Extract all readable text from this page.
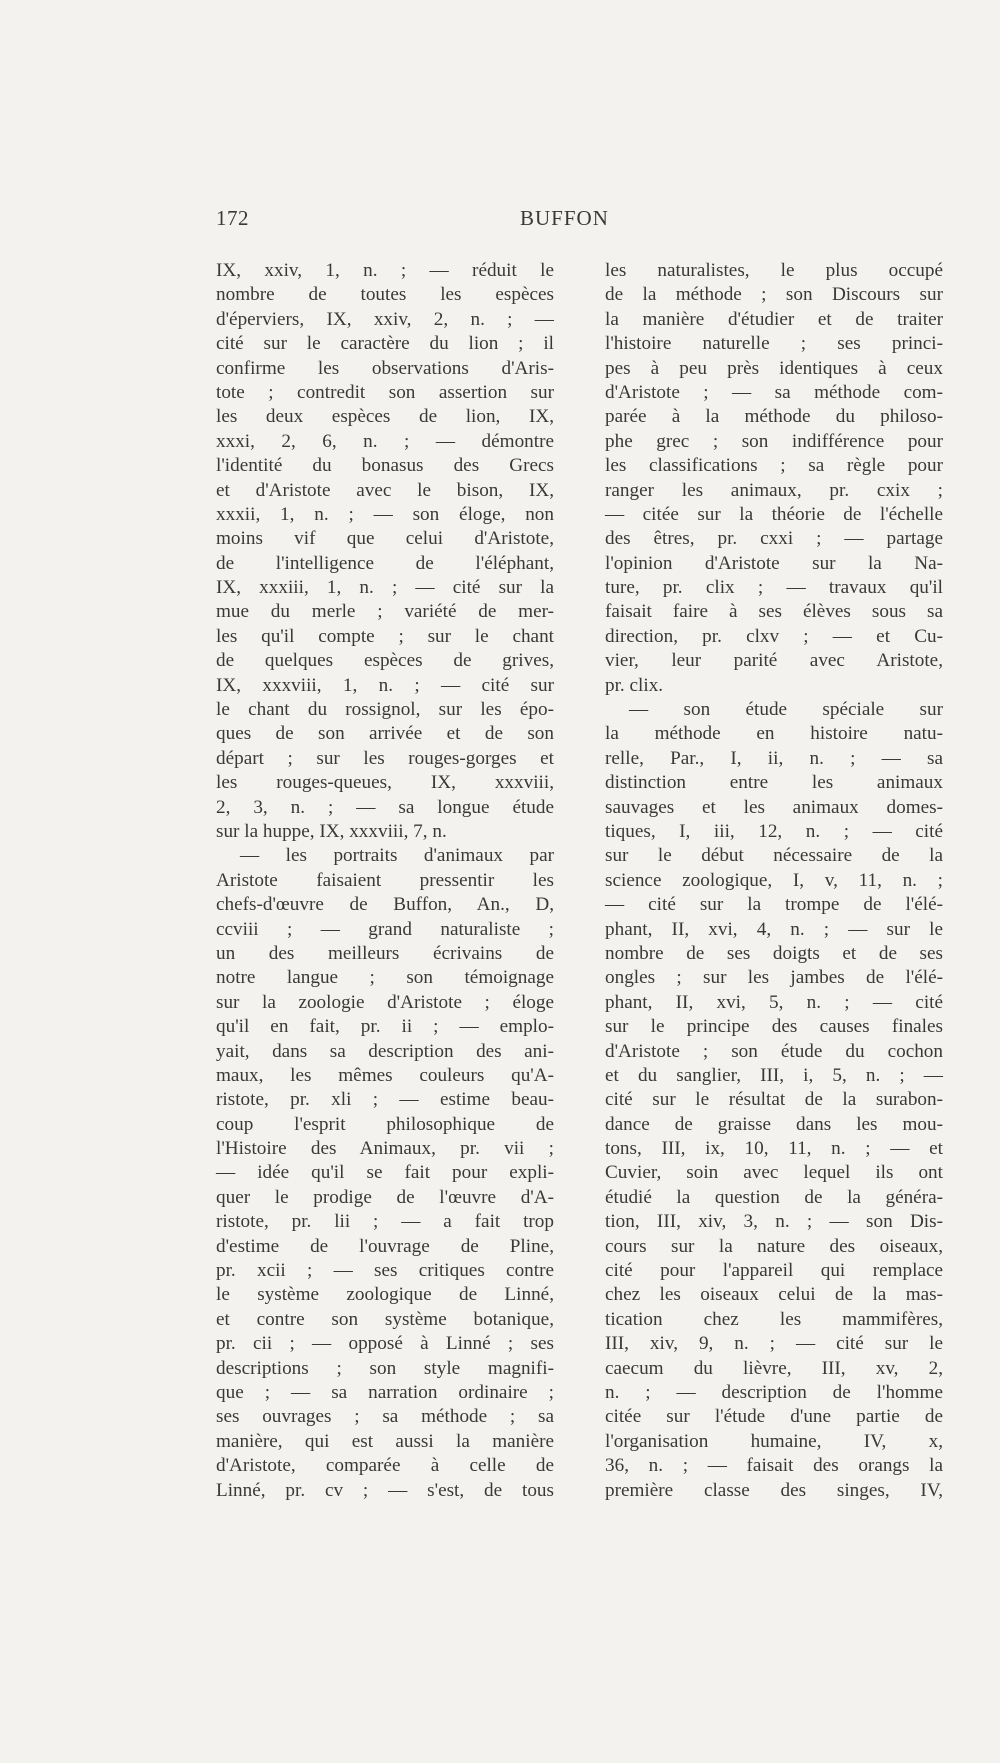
172	BUFFON
IX, xxiv, 1, n. ; — réduit le
nombre de toutes les espèces
d'éperviers, IX, xxiv, 2, n. ; —
cité sur le caractère du lion ; il
confirme les observations d'Aris-
tote ; contredit son assertion sur
les deux espèces de lion, IX,
xxxi, 2, 6, n. ; — démontre
l'identité du bonasus des Grecs
et d'Aristote avec le bison, IX,
xxxii, 1, n. ; — son éloge, non
moins vif que celui d'Aristote,
de l'intelligence de l'éléphant,
IX, xxxiii, 1, n. ; — cité sur la
mue du merle ; variété de mer-
les qu'il compte ; sur le chant
de quelques espèces de grives,
IX, xxxviii, 1, n. ; — cité sur
le chant du rossignol, sur les épo-
ques de son arrivée et de son
départ ; sur les rouges-gorges et
les rouges-queues, IX, xxxviii,
2, 3, n. ; — sa longue étude
sur la huppe, IX, xxxviii, 7, n.
— les portraits d'animaux par
Aristote faisaient pressentir les
chefs-d'œuvre de Buffon, An., D,
ccviii ; — grand naturaliste ;
un des meilleurs écrivains de
notre langue ; son témoignage
sur la zoologie d'Aristote ; éloge
qu'il en fait, pr. ii ; — emplo-
yait, dans sa description des ani-
maux, les mêmes couleurs qu'A-
ristote, pr. xli ; — estime beau-
coup l'esprit philosophique de
l'Histoire des Animaux, pr. vii ;
— idée qu'il se fait pour expli-
quer le prodige de l'œuvre d'A-
ristote, pr. lii ; — a fait trop
d'estime de l'ouvrage de Pline,
pr. xcii ; — ses critiques contre
le système zoologique de Linné,
et contre son système botanique,
pr. cii ; — opposé à Linné ; ses
descriptions ; son style magnifi-
que ; — sa narration ordinaire ;
ses ouvrages ; sa méthode ; sa
manière, qui est aussi la manière
d'Aristote, comparée à celle de
Linné, pr. cv ; — s'est, de tous
les naturalistes, le plus occupé
de la méthode ; son Discours sur
la manière d'étudier et de traiter
l'histoire naturelle ; ses princi-
pes à peu près identiques à ceux
d'Aristote ; — sa méthode com-
parée à la méthode du philoso-
phe grec ; son indifférence pour
les classifications ; sa règle pour
ranger les animaux, pr. cxix ;
— citée sur la théorie de l'échelle
des êtres, pr. cxxi ; — partage
l'opinion d'Aristote sur la Na-
ture, pr. clix ; — travaux qu'il
faisait faire à ses élèves sous sa
direction, pr. clxv ; — et Cu-
vier, leur parité avec Aristote,
pr. clix.
— son étude spéciale sur
la méthode en histoire natu-
relle, Par., I, ii, n. ; — sa
distinction entre les animaux
sauvages et les animaux domes-
tiques, I, iii, 12, n. ; — cité
sur le début nécessaire de la
science zoologique, I, v, 11, n. ;
— cité sur la trompe de l'élé-
phant, II, xvi, 4, n. ; — sur le
nombre de ses doigts et de ses
ongles ; sur les jambes de l'élé-
phant, II, xvi, 5, n. ; — cité
sur le principe des causes finales
d'Aristote ; son étude du cochon
et du sanglier, III, i, 5, n. ; —
cité sur le résultat de la surabon-
dance de graisse dans les mou-
tons, III, ix, 10, 11, n. ; — et
Cuvier, soin avec lequel ils ont
étudié la question de la généra-
tion, III, xiv, 3, n. ; — son Dis-
cours sur la nature des oiseaux,
cité pour l'appareil qui remplace
chez les oiseaux celui de la mas-
tication chez les mammifères,
III, xiv, 9, n. ; — cité sur le
caecum du lièvre, III, xv, 2,
n. ; — description de l'homme
citée sur l'étude d'une partie de
l'organisation humaine, IV, x,
36, n. ; — faisait des orangs la
première classe des singes, IV,
